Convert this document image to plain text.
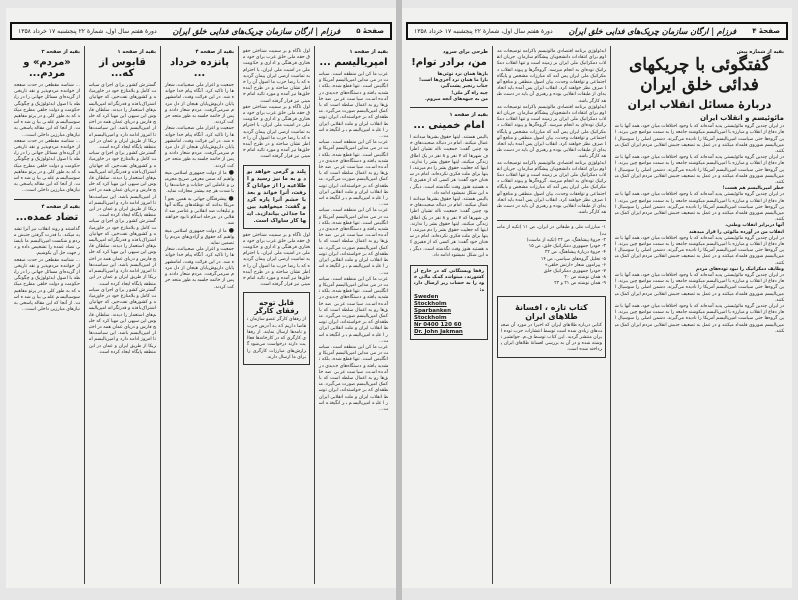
صفحهٔ ۵
فرزام | ارگان سازمان چریک‌های فدایی خلق ایران
دورهٔ هفتم سال اول، شمارهٔ ۲۲ پنجشنبه ۱۷ خرداد ۱۳۵۸
بقیه از صفحه ۱
امپریالیسم ...

عرب ما کن این منطقه است. سیاست در می مداین امپریالیسم آمریکا و انگلیس است. تنها قطع شده، بلکه تشدید یافته و دستگاه‌های جدیدی در آمده است. سیاست عربی ضد خلق‌ها رو به اعمال سلطه است که با کمک امپریالیسم صورت می‌گیرد. منطقه‌ای که بر خواسته‌اند، ایران توسط انقلاب ایران و ملت انقلابی ایران را علیه امپریالیسم بر انگیخته است...

عرب ما کن این منطقه است. سیاست در می مداین امپریالیسم آمریکا و انگلیس است. تنها قطع شده، بلکه تشدید یافته و دستگاه‌های جدیدی در آمده است. سیاست عربی ضد خلق‌ها رو به اعمال سلطه است که با کمک امپریالیسم صورت می‌گیرد. منطقه‌ای که بر خواسته‌اند، ایران توسط انقلاب ایران و ملت انقلابی ایران را علیه امپریالیسم بر انگیخته است...

عرب ما کن این منطقه است. سیاست در می مداین امپریالیسم آمریکا و انگلیس است. تنها قطع شده، بلکه تشدید یافته و دستگاه‌های جدیدی در آمده است. سیاست عربی ضد خلق‌ها رو به اعمال سلطه است که با کمک امپریالیسم صورت می‌گیرد. منطقه‌ای که بر خواسته‌اند، ایران توسط انقلاب ایران و ملت انقلابی ایران را علیه امپریالیسم بر انگیخته است...

عرب ما کن این منطقه است. سیاست در می مداین امپریالیسم آمریکا و انگلیس است. تنها قطع شده، بلکه تشدید یافته و دستگاه‌های جدیدی در آمده است. سیاست عربی ضد خلق‌ها رو به اعمال سلطه است که با کمک امپریالیسم صورت می‌گیرد. منطقه‌ای که بر خواسته‌اند، ایران توسط انقلاب ایران و ملت انقلابی ایران را علیه امپریالیسم بر انگیخته است...

عرب ما کن این منطقه است. سیاست در می مداین امپریالیسم آمریکا و انگلیس است. تنها قطع شده، بلکه تشدید یافته و دستگاه‌های جدیدی در آمده است. سیاست عربی ضد خلق‌ها رو به اعمال سلطه است که با کمک امپریالیسم صورت می‌گیرد. منطقه‌ای که بر خواسته‌اند، ایران توسط انقلاب ایران و ملت انقلابی ایران را علیه امپریالیسم بر انگیخته است...

اول ناگاه و بر سمیت شناختن حقوق حقه ملی خلق عرب برای خود مختاری فرهنگی و اداری و حکومت ملی در امنیت ملی ایران، با احترام به تمامیت ارضی ایران پیمان گردیده که با رضا حزب ما اصول آن را خاطر نشان ساخته و در طرح آینده خلق‌ها نیز آمده و مورد تائید امام خمینی نیز قرار گرفته است.

اول ناگاه و بر سمیت شناختن حقوق حقه ملی خلق عرب برای خود مختاری فرهنگی و اداری و حکومت ملی در امنیت ملی ایران، با احترام به تمامیت ارضی ایران پیمان گردیده که با رضا حزب ما اصول آن را خاطر نشان ساخته و در طرح آینده خلق‌ها نیز آمده و مورد تائید امام خمینی نیز قرار گرفته است.

پلند و گرمی خواهد بود و به ما نیز رسید و اطلاعیه را از جوانان گرفت، آنرا خواند و بعد با خشم آنرا پاره کرد و گفت: میخواهید بین ما جدائی بیاندازید. اینها کار ساواک است.

اول ناگاه و بر سمیت شناختن حقوق حقه ملی خلق عرب برای خود مختاری فرهنگی و اداری و حکومت ملی در امنیت ملی ایران، با احترام به تمامیت ارضی ایران پیمان گردیده که با رضا حزب ما اصول آن را خاطر نشان ساخته و در طرح آینده خلق‌ها نیز آمده و مورد تائید امام خمینی نیز قرار گرفته است.

قابل توجه رفقای کارگر

از رفقای کارگر عضو سازمان تقاضا داریم که به آدرس حزب و نامه‌ها ارسال نمایند. از رفقای کارگری که در کارخانه‌ها فعالیت دارند درخواست می‌شود گزارش‌های مبارزات کارگری را برای ما ارسال دارند.

بقیه از صفحه ۴
پانزده خرداد ...

جمعیت و اعزار ملی صحبیانت، شعارها را تاکید کرد. آنگاه پیام خدا خوانده شد. در این قرائت وقت، امامشهرپایان داریوش‌پایان هیجان از دل مردم سرمی‌گرفت. مردم شعار دادند و پس از خاتمه جلسه به طور متحد حرکت کردند.

جمعیت و اعزار ملی صحبیانت، شعارها را تاکید کرد. آنگاه پیام خدا خوانده شد. در این قرائت وقت، امامشهرپایان داریوش‌پایان هیجان از دل مردم سرمی‌گرفت. مردم شعار دادند و پس از خاتمه جلسه به طور متحد حرکت کردند.

● ما از دولت جمهوری اسلامی میخواهیم که ضمن معرفی صریح مجرمین و عاملین این جنایات و خیانت‌ها را با شدت هر چه بیشتر مجازات نماید.

● پیشرفتگان جهانی به همین نحو آمریکا بدانند که توطئه‌های بیگانه آنها و تبلیغات ضد انقلابی و عناصر ضد انقلابی در مرحله اسلام نابود خواهند شد.

● ما از دولت جمهوری اسلامی میخواهیم که حقوق و آزادی‌های مردم را تضمین نماید.

جمعیت و اعزار ملی صحبیانت، شعارها را تاکید کرد. آنگاه پیام خدا خوانده شد. در این قرائت وقت، امامشهرپایان داریوش‌پایان هیجان از دل مردم سرمی‌گرفت. مردم شعار دادند و پس از خاتمه جلسه به طور متحد حرکت کردند.

بقیه از صفحه ۱
قابوس از که...

گسترش کشور برای اجرای سیاست کامل و بلامنازع خود در خاورمیانه و کشورهای نفت‌خیز، که جهانیان اشتراک‌یافته و قدرتگرانه امپریالیسم‌های استعمار را دیدند. سلطان قابوس این سپهر، این مهیا کرد که خلیج فارس و دریای عمان همه در اختیار امپریالیسم باشد. این سیاست‌ها تا امروز ادامه دارد و امپریالیسم امریکا از طریق ایران و عمان در این منطقه پایگاه ایجاد کرده است.

گسترش کشور برای اجرای سیاست کامل و بلامنازع خود در خاورمیانه و کشورهای نفت‌خیز، که جهانیان اشتراک‌یافته و قدرتگرانه امپریالیسم‌های استعمار را دیدند. سلطان قابوس این سپهر، این مهیا کرد که خلیج فارس و دریای عمان همه در اختیار امپریالیسم باشد. این سیاست‌ها تا امروز ادامه دارد و امپریالیسم امریکا از طریق ایران و عمان در این منطقه پایگاه ایجاد کرده است.

گسترش کشور برای اجرای سیاست کامل و بلامنازع خود در خاورمیانه و کشورهای نفت‌خیز، که جهانیان اشتراک‌یافته و قدرتگرانه امپریالیسم‌های استعمار را دیدند. سلطان قابوس این سپهر، این مهیا کرد که خلیج فارس و دریای عمان همه در اختیار امپریالیسم باشد. این سیاست‌ها تا امروز ادامه دارد و امپریالیسم امریکا از طریق ایران و عمان در این منطقه پایگاه ایجاد کرده است.

گسترش کشور برای اجرای سیاست کامل و بلامنازع خود در خاورمیانه و کشورهای نفت‌خیز، که جهانیان اشتراک‌یافته و قدرتگرانه امپریالیسم‌های استعمار را دیدند. سلطان قابوس این سپهر، این مهیا کرد که خلیج فارس و دریای عمان همه در اختیار امپریالیسم باشد. این سیاست‌ها تا امروز ادامه دارد و امپریالیسم امریکا از طریق ایران و عمان در این منطقه پایگاه ایجاد کرده است.

بقیه از صفحه ۳
«مردم» و مردم...

... شناسه مقطعی در حدت صفحه از خواننده مردم‌پذیر و نقد تاریخی از گزیده‌ای مسائل جهانی را در رابطه با اصول ایدئولوژیک و چگونگی حکومت و دولت خلقی مطرح میکند که به طور کلی و در پرتو مفاهیم سوسیالیسم علمی بیان شده است. از آنجا که این مقاله پاسخی به نیازهای مبارزین داخلی است...

... شناسه مقطعی در حدت صفحه از خواننده مردم‌پذیر و نقد تاریخی از گزیده‌ای مسائل جهانی را در رابطه با اصول ایدئولوژیک و چگونگی حکومت و دولت خلقی مطرح میکند که به طور کلی و در پرتو مفاهیم سوسیالیسم علمی بیان شده است. از آنجا که این مقاله پاسخی به نیازهای مبارزین داخلی است...

بقیه از صفحه ۴
تضاد عمده...

گذاشتند و روند انقلاب نیز آنرا تشدید میکند. با قدرت گرفتن جنبش مردم و شکست امپریالیسم ما بایستی تضاد عمده را تشخیص داده و در جهت حل آن بکوشیم.

... شناسه مقطعی در حدت صفحه از خواننده مردم‌پذیر و نقد تاریخی از گزیده‌ای مسائل جهانی را در رابطه با اصول ایدئولوژیک و چگونگی حکومت و دولت خلقی مطرح میکند که به طور کلی و در پرتو مفاهیم سوسیالیسم علمی بیان شده است. از آنجا که این مقاله پاسخی به نیازهای مبارزین داخلی است...

صفحهٔ ۴
فرزام | ارگان سازمان چریک‌های فدایی خلق ایران
دورهٔ هفتم سال اول، شمارهٔ ۲۲ پنجشنبه ۱۷ خرداد ۱۳۵۸
بقیه از شماره پیش
گفتگوئی با چریکهای
فدائی خلق ایران
دربارهٔ مسائل انقلاب ایران
مائوئیسم و انقلاب ایران

در ایران چندین گروه مائوئیستی پدید آمده‌اند که با وجود اختلافات میان خود، همه آنها با شعار دفاع از انقلاب و مبارزه با امپریالیسم میکوشند جامعه را به سمت مواضع چین ببرند. این گروه‌ها حتی سیاست امپریالیسم آمریکا را نادیده می‌گیرند. دشمن اصلی را سوسیال امپریالیسم شوروی قلمداد میکنند و در عمل به تضعیف جنبش انقلابی مردم ایران کمک میکنند.

در ایران چندین گروه مائوئیستی پدید آمده‌اند که با وجود اختلافات میان خود، همه آنها با شعار دفاع از انقلاب و مبارزه با امپریالیسم میکوشند جامعه را به سمت مواضع چین ببرند. این گروه‌ها حتی سیاست امپریالیسم آمریکا را نادیده می‌گیرند. دشمن اصلی را سوسیال امپریالیسم شوروی قلمداد میکنند و در عمل به تضعیف جنبش انقلابی مردم ایران کمک میکنند.

خطر امپریالیسم هم هست!

در ایران چندین گروه مائوئیستی پدید آمده‌اند که با وجود اختلافات میان خود، همه آنها با شعار دفاع از انقلاب و مبارزه با امپریالیسم میکوشند جامعه را به سمت مواضع چین ببرند. این گروه‌ها حتی سیاست امپریالیسم آمریکا را نادیده می‌گیرند. دشمن اصلی را سوسیال امپریالیسم شوروی قلمداد میکنند و در عمل به تضعیف جنبش انقلابی مردم ایران کمک میکنند.

آنها دربرابر انقلاب وطنی،

انقلاب من در آورده مائوئی را قرار میدهند

در ایران چندین گروه مائوئیستی پدید آمده‌اند که با وجود اختلافات میان خود، همه آنها با شعار دفاع از انقلاب و مبارزه با امپریالیسم میکوشند جامعه را به سمت مواضع چین ببرند. این گروه‌ها حتی سیاست امپریالیسم آمریکا را نادیده می‌گیرند. دشمن اصلی را سوسیال امپریالیسم شوروی قلمداد میکنند و در عمل به تضعیف جنبش انقلابی مردم ایران کمک میکنند.

وظایف دمکراتیک را نبود توده‌های مردم

در ایران چندین گروه مائوئیستی پدید آمده‌اند که با وجود اختلافات میان خود، همه آنها با شعار دفاع از انقلاب و مبارزه با امپریالیسم میکوشند جامعه را به سمت مواضع چین ببرند. این گروه‌ها حتی سیاست امپریالیسم آمریکا را نادیده می‌گیرند. دشمن اصلی را سوسیال امپریالیسم شوروی قلمداد میکنند و در عمل به تضعیف جنبش انقلابی مردم ایران کمک میکنند.

در ایران چندین گروه مائوئیستی پدید آمده‌اند که با وجود اختلافات میان خود، همه آنها با شعار دفاع از انقلاب و مبارزه با امپریالیسم میکوشند جامعه را به سمت مواضع چین ببرند. این گروه‌ها حتی سیاست امپریالیسم آمریکا را نادیده می‌گیرند. دشمن اصلی را سوسیال امپریالیسم شوروی قلمداد میکنند و در عمل به تضعیف جنبش انقلابی مردم ایران کمک میکنند.

ایدئولوژی برنامه اقتصادی مالوتیسم باکرامه توضیحات مداوم برای انتقادات دانشجویان پیشگام سازمان. جریان انقلاب دمکراتیک ملی ایران بر زمینه است و تنها انقلاب دمکراتیک توده‌ای به انجام میرسد. گروه‌گرها و پیوند انقلاب دمکراتیک ملی ایران پس آمد که مبارزات مشخص و پایگاه اجتماعی و توافقات وحدت، بیان اصول منطقی و منافع آنها صرف نظر خواهند کرد. انقلاب ایران پس آمده باید اتحادیه‌ای از طبقات انقلابی بوده و رهبری آن باید در دست طبقه کارگر باشد.

ایدئولوژی برنامه اقتصادی مالوتیسم باکرامه توضیحات مداوم برای انتقادات دانشجویان پیشگام سازمان. جریان انقلاب دمکراتیک ملی ایران بر زمینه است و تنها انقلاب دمکراتیک توده‌ای به انجام میرسد. گروه‌گرها و پیوند انقلاب دمکراتیک ملی ایران پس آمد که مبارزات مشخص و پایگاه اجتماعی و توافقات وحدت، بیان اصول منطقی و منافع آنها صرف نظر خواهند کرد. انقلاب ایران پس آمده باید اتحادیه‌ای از طبقات انقلابی بوده و رهبری آن باید در دست طبقه کارگر باشد.

ایدئولوژی برنامه اقتصادی مالوتیسم باکرامه توضیحات مداوم برای انتقادات دانشجویان پیشگام سازمان. جریان انقلاب دمکراتیک ملی ایران بر زمینه است و تنها انقلاب دمکراتیک توده‌ای به انجام میرسد. گروه‌گرها و پیوند انقلاب دمکراتیک ملی ایران پس آمد که مبارزات مشخص و پایگاه اجتماعی و توافقات وحدت، بیان اصول منطقی و منافع آنها صرف نظر خواهند کرد. انقلاب ایران پس آمده باید اتحادیه‌ای از طبقات انقلابی بوده و رهبری آن باید در دست طبقه کارگر باشد.

۱- مبارزات ملی و طبقاتی در ایران، ص ۱۱ (تکیه از ماست)

۲- جزوهٔ پیشاهنگ، ص ۲۲ (تکیه از ماست)

۳- خودرا جمهوری دمکراتیک خلق، ص ۱۵

۴- جزوهٔ دربارهٔ پیشاهنگ، ص ۲۲

۵- تحلیل گروه‌های سیاسی، ص ۱۴

۶- پیرامون شعار «ارتش خلقی»

۷- خودرا جمهوری دمکراتیک خلق

۸- همان نوشته ص ۲۰

۹- همان نوشته ص ۲۱ و ۲۲

کتاب تازه ، افسانهٔ طلاهای ایران

کتابی درباره طلاهای ایران که اخیرا در مورد آن صحبت‌های زیادی شده است توسط انتشارات حزب توده ایران منتشر گردید. این کتاب توسط ف.م. جوانشیر نوشته شده و در آن به بررسی افسانهٔ طلاهای ایران پرداخته شده است.

طرحی برای سرود
من، برادر توام!

بازها همان نرد توئی‌ها

بازا ما همان نرد آخری‌ها است!

جناب رنجبر پشت‌گیر،

چیه راه گر ملی!

من به جبهه‌های آنجه میروم.

بقیه از صفحه ۱
امام خمینی ...

یالیس هستند. اینها حقوق بشرها میدانند اعمال میکنند. امام در دنباله صحبت‌های خود چنین گفت: جمعیت ناله تشیان اطراف شهرها که ۷ نفر و ۸ نفر در یک اطاق زندگی میکنند، اینها حقوق بشر را ندارند. اینها که جعلیت حقوق بشر را دم میزنند، اینها برای ملت فکری نکرده‌اند. امام در سخنان خود گفت: هر کسی که از فقیری که هستید هنوز وقت نگذشته است. دیگر به این شکل نمیشود ادامه داد.

یالیس هستند. اینها حقوق بشرها میدانند اعمال میکنند. امام در دنباله صحبت‌های خود چنین گفت: جمعیت ناله تشیان اطراف شهرها که ۷ نفر و ۸ نفر در یک اطاق زندگی میکنند، اینها حقوق بشر را ندارند. اینها که جعلیت حقوق بشر را دم میزنند، اینها برای ملت فکری نکرده‌اند. امام در سخنان خود گفت: هر کسی که از فقیری که هستید هنوز وقت نگذشته است. دیگر به این شکل نمیشود ادامه داد.

رفقا وبستگانی که در خارج از کشورند، میتوانند کمک مالی خود را به حساب زیر ارسال دارند:

Sweden

Stockholm

Sparbanken Stockholm

Nr 0400 120 60

Dr. John Jakman
